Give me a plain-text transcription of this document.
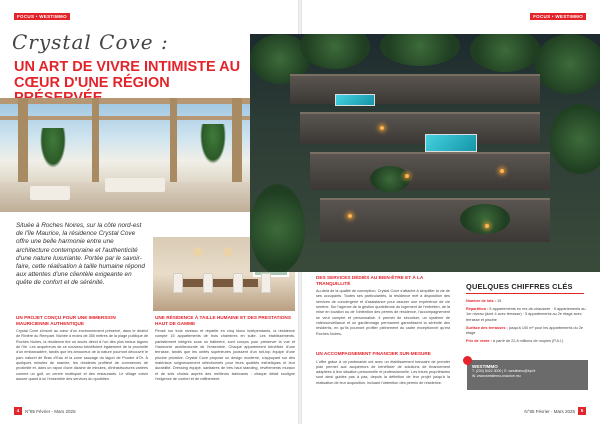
FOCUS • WESTIMMO
Crystal Cove :
UN ART DE VIVRE INTIMISTE AU
CŒUR D'UNE RÉGION
Située à Roches Noires, sur la côte nord-est de l'île Maurice, la résidence Crystal Cove offre une belle harmonie entre une architecture contemporaine et l'authenticité d'une nature luxuriante. Portée par le savoir-faire, cette réalisation à taille humaine répond aux attentes d'une clientèle exigeante en quête de confort et de sérénité.
UN PROJET CONÇU POUR UNE IMMERSION MAURICIENNE AUTHENTIQUE
Crystal Cove s'inscrit au cœur d'un environnement préservé, dans le district de Rivière du Rempart. Nichée à moins de 350 mètres de la plage publique de Roches Noires, la résidence tire un accès direct à l'un des plus beaux lagons de l'île. Les acquéreurs de ce nouveau bénéficient également de la proximité d'un embarcadère, tandis que les amoureux de la nature pourront découvrir le parc naturel de Bras d'Eau et la zone sauvage du lagon de Poudre d'Or. À quelques minutes de marche, les résidents profitent de commerces de proximité et, dans un rayon d'une dizaine de minutes, d'infrastructures variées comme un golf, un centre multisport et des restaurants. Le village voisin assure quant à lui l'ensemble des services du quotidien.
UNE RÉSIDENCE À TAILLE HUMAINE ET DES PRESTATIONS HAUT DE GAMME
Pensé sur trois niveaux et répartie en cinq blocs indépendants, la résidence compte 15 appartements de trois chambres en suite. Les établissements, parfaitement intégrés sous un bâtiment, sont conçus pour préserver la vue et l'harmonie architecturale de l'ensemble. Chaque appartement bénéficie d'une terrasse, tandis que les unités supérieures jouissent d'un toit-top équipé d'une piscine privative. Crystal Cove propose un design moderne, s'appuyant sur des matériaux soigneusement sélectionnés pour leurs qualités esthétiques et leur durabilité. Dressing équipé, sanitaires de très haut standing, revêtements muraux et de sols choisis auprès des meilleurs fabricants : chaque détail souligne l'exigence de confort et de raffinement.
4	N°85 Février - Mars 2025
FOCUS • WESTIMMO
DES SERVICES DÉDIÉS AU BIEN-ÊTRE ET À LA TRANQUILLITÉ
Au-delà de la qualité de conception, Crystal Cove s'attache à simplifier la vie de ses occupants. Toutes ses particularités, la résidence met à disposition des services de conciergerie et d'assistance pour assurer une expérience de vie sereine. Sur l'agence de la gestion quotidienne du logement de l'entretien, de la mise en location ou de l'obtention des permis de résidence, l'accompagnement se veut complet et personnalisé. Il permet de sécuriser, un système de vidéosurveillance et un gardiennage permanent garantissent la sérénité des résidents, en qu'ils pourront profiter pleinement du cadre exceptionnel qu'est Roches Noires.
UN ACCOMPAGNEMENT FINANCIER SUR-MESURE
L'offre grâce à un partenariat ont avec un établissement bancaire de premier plan permet aux acquéreurs de bénéficier de solutions de financement adaptées à leur situation personnelle et professionnelle. Les futurs propriétaires sont ainsi guidés pas à pas, depuis la définition de leur projet jusqu'à la réalisation de leur acquisition, incluant l'obtention des permis de résidence.
QUELQUES CHIFFRES CLÉS
Nombre de lots : 15
Répartition : 5 appartements en rez-de-chaussée · 5 appartements au 1er niveau (dont 4 avec terrasse) · 5 appartements au 2e étage avec terrasse et piscine
Surface des terrasses : jusqu'à 100 m² pour les appartements du 2e étage
Prix de vente : à partir de 22,8 millions de roupies (P.A.I.)
WESTIMMO
T. (230) 5422 3000 | E. westimmo@bpi.fr
W. www.westimmo-maurice.mu
N°85 Février - Mars 2025	5
